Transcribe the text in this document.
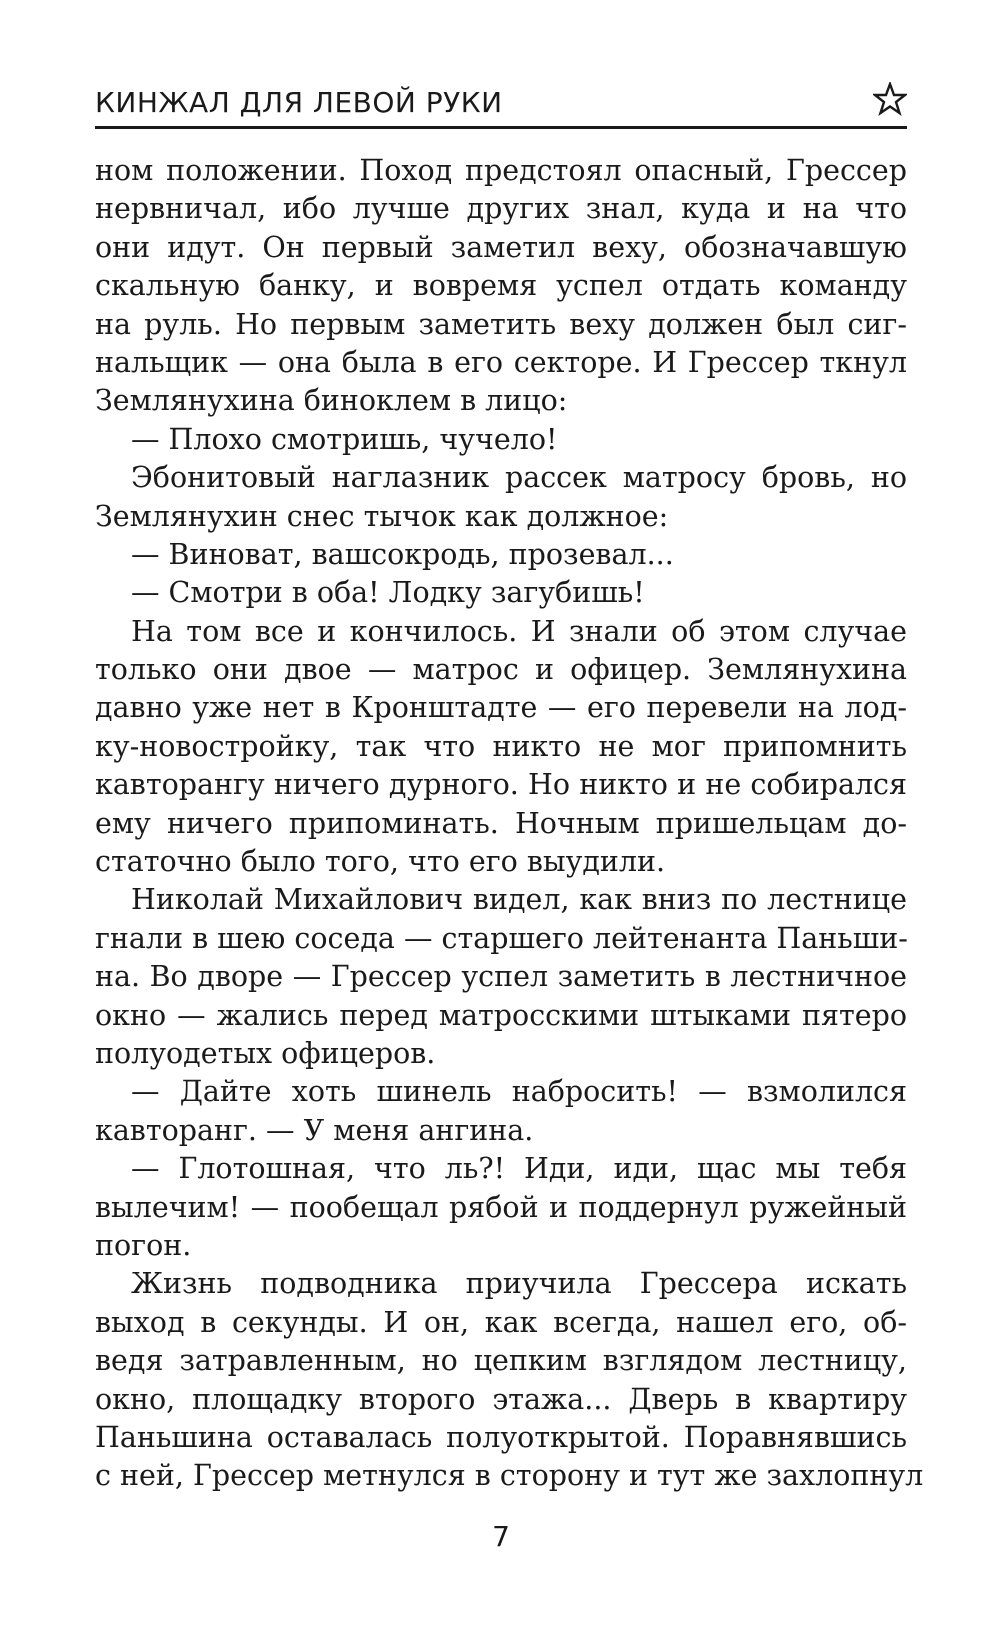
КИНЖАЛ ДЛЯ ЛЕВОЙ РУКИ
ном положении. Поход предстоял опасный, Грессер
нервничал, ибо лучше других знал, куда и на что
они идут. Он первый заметил веху, обозначавшую
скальную банку, и вовремя успел отдать команду
на руль. Но первым заметить веху должен был сиг-
нальщик — она была в его секторе. И Грессер ткнул
Землянухина биноклем в лицо:
— Плохо смотришь, чучело!
Эбонитовый наглазник рассек матросу бровь, но
Землянухин снес тычок как должное:
— Виноват, вашсокродь, прозевал...
— Смотри в оба! Лодку загубишь!
На том все и кончилось. И знали об этом случае
только они двое — матрос и офицер. Землянухина
давно уже нет в Кронштадте — его перевели на лод-
ку-новостройку, так что никто не мог припомнить
кавторангу ничего дурного. Но никто и не собирался
ему ничего припоминать. Ночным пришельцам до-
статочно было того, что его выудили.
Николай Михайлович видел, как вниз по лестнице
гнали в шею соседа — старшего лейтенанта Паньши-
на. Во дворе — Грессер успел заметить в лестничное
окно — жались перед матросскими штыками пятеро
полуодетых офицеров.
— Дайте хоть шинель набросить! — взмолился
кавторанг. — У меня ангина.
— Глотошная, что ль?! Иди, иди, щас мы тебя
вылечим! — пообещал рябой и поддернул ружейный
погон.
Жизнь подводника приучила Грессера искать
выход в секунды. И он, как всегда, нашел его, об-
ведя затравленным, но цепким взглядом лестницу,
окно, площадку второго этажа... Дверь в квартиру
Паньшина оставалась полуоткрытой. Поравнявшись
с ней, Грессер метнулся в сторону и тут же захлопнул
7
